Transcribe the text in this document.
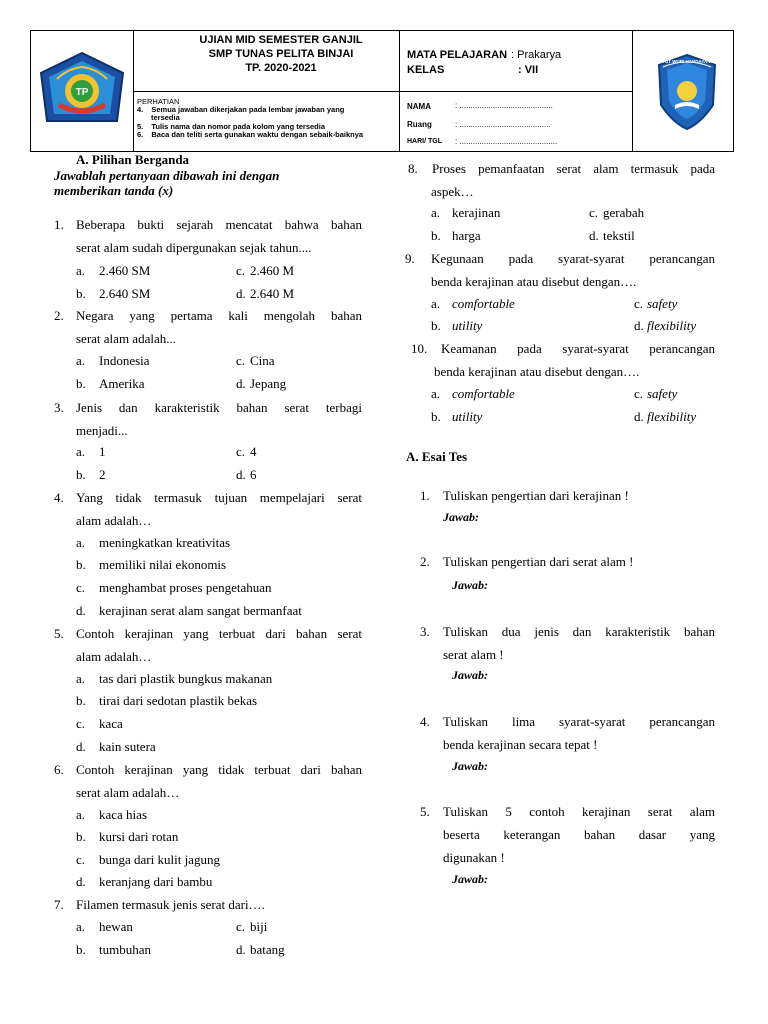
TP
UJIAN MID SEMESTER GANJIL
SMP TUNAS PELITA BINJAI
TP. 2020-2021
MATA PELAJARAN : Prakarya
KELAS	: VII
PERHATIAN
4. Semua jawaban dikerjakan pada lembar jawaban yang
tersedia
5. Tulis nama dan nomor pada kolom yang tersedia
6. Baca dan teliti serta gunakan waktu dengan sebaik-baiknya
NAMA	: ..........................................
Ruang	: .........................................
HARI/ TGL : ............................................
TUT WURI HANDAYANI
A. Pilihan Berganda
Jawablah pertanyaan dibawah ini dengan
memberikan tanda (x)
1. Beberapa bukti sejarah mencatat bahwa bahan
serat alam sudah dipergunakan sejak tahun....
a. 2.460 SM	c. 2.460 M
b. 2.640 SM	d. 2.640 M
2. Negara yang pertama kali mengolah bahan
serat alam adalah...
a. Indonesia	c. Cina
b. Amerika	d. Jepang
3. Jenis dan karakteristik bahan serat terbagi
menjadi...
a. 1	c. 4
b. 2	d. 6
4. Yang tidak termasuk tujuan mempelajari serat
alam adalah…
a. meningkatkan kreativitas
b. memiliki nilai ekonomis
c. menghambat proses pengetahuan
d. kerajinan serat alam sangat bermanfaat
5. Contoh kerajinan yang terbuat dari bahan serat
alam adalah…
a. tas dari plastik bungkus makanan
b. tirai dari sedotan plastik bekas
c. kaca
d. kain sutera
6. Contoh kerajinan yang tidak terbuat dari bahan
serat alam adalah…
a. kaca hias
b. kursi dari rotan
c. bunga dari kulit jagung
d. keranjang dari bambu
7. Filamen termasuk jenis serat dari….
a. hewan	c. biji
b. tumbuhan	d. batang
8. Proses pemanfaatan serat alam termasuk pada
aspek…
a. kerajinan	c. gerabah
b. harga	d. tekstil
9. Kegunaan pada syarat-syarat perancangan
benda kerajinan atau disebut dengan….
a. comfortable	c. safety
b. utility	d. flexibility
10. Keamanan pada syarat-syarat perancangan
benda kerajinan atau disebut dengan….
a. comfortable	c. safety
b. utility	d. flexibility
A. Esai Tes
1. Tuliskan pengertian dari kerajinan !
Jawab:
2. Tuliskan pengertian dari serat alam !
Jawab:
3. Tuliskan dua jenis dan karakteristik bahan
serat alam !
Jawab:
4. Tuliskan lima syarat-syarat perancangan
benda kerajinan secara tepat !
Jawab:
5. Tuliskan 5 contoh kerajinan serat alam
beserta keterangan bahan dasar yang
digunakan !
Jawab:
